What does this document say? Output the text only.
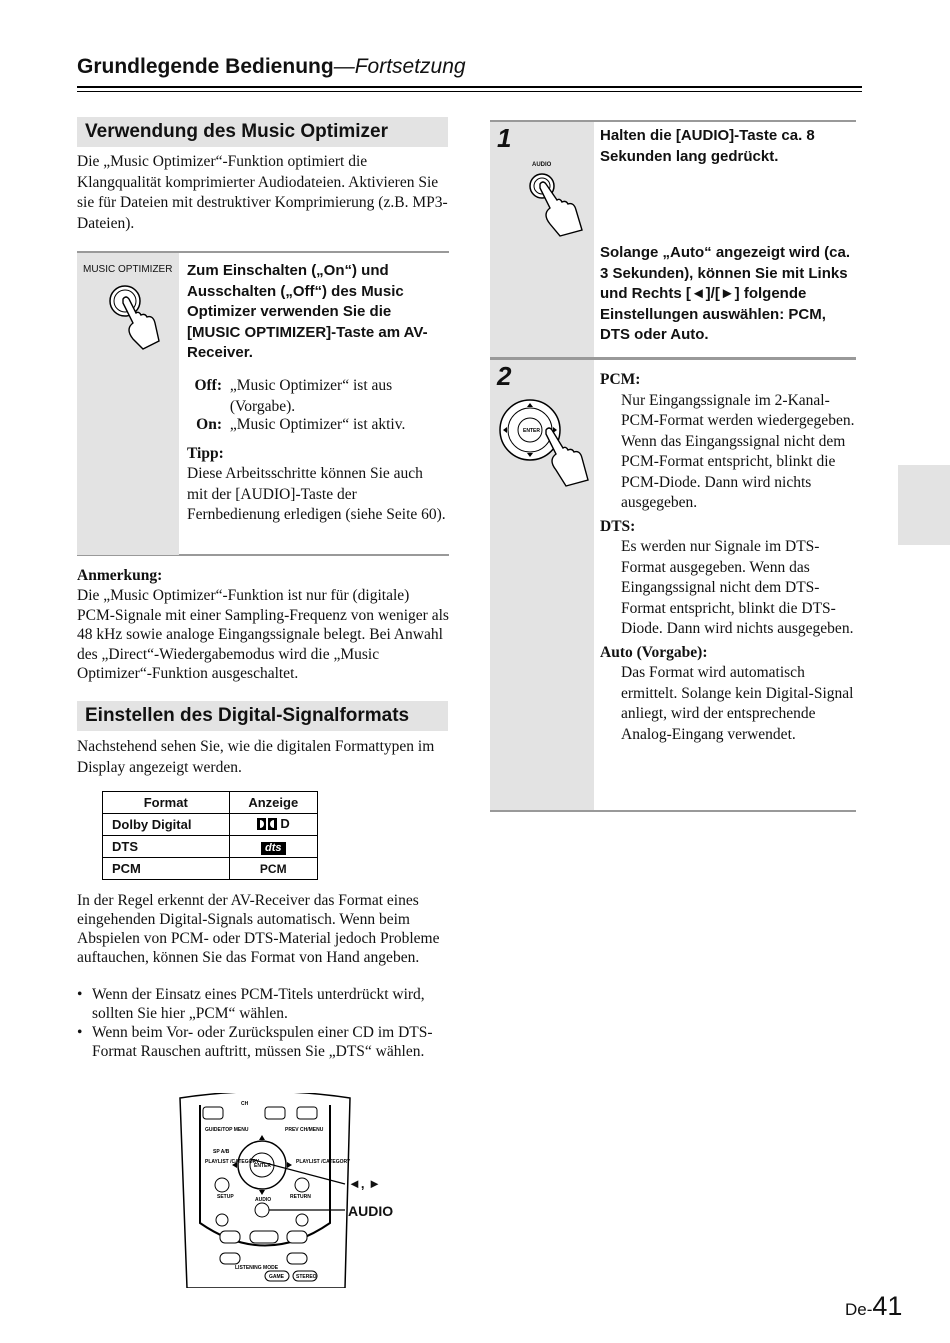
Grundlegende Bedienung—Fortsetzung
Verwendung des Music Optimizer
Die „Music Optimizer“-Funktion optimiert die Klangqualität komprimierter Audiodateien. Aktivieren Sie sie für Dateien mit destruktiver Komprimierung (z.B. MP3- Dateien).
MUSIC OPTIMIZER Zum Einschalten („On“) und Ausschalten („Off“) des Music Optimizer verwenden Sie die [MUSIC OPTIMIZER]-Taste am AV-Receiver.
Off: „Music Optimizer“ ist aus (Vorgabe).
On: „Music Optimizer“ ist aktiv.
Tipp:
Diese Arbeitsschritte können Sie auch mit der [AUDIO]-Taste der Fernbedienung erledigen (siehe Seite 60).
Anmerkung:
Die „Music Optimizer“-Funktion ist nur für (digitale) PCM-Signale mit einer Sampling-Frequenz von weniger als 48 kHz sowie analoge Eingangssignale belegt. Bei Anwahl des „Direct“-Wiedergabemodus wird die „Music Optimizer“-Funktion ausgeschaltet.
Einstellen des Digital-Signalformats
Nachstehend sehen Sie, wie die digitalen Formattypen im Display angezeigt werden.
Format	Anzeige
Dolby Digital	D
DTS	dts
PCM	PCM
In der Regel erkennt der AV-Receiver das Format eines eingehenden Digital-Signals automatisch. Wenn beim Abspielen von PCM- oder DTS-Material jedoch Probleme auftauchen, können Sie das Format von Hand angeben.
• Wenn der Einsatz eines PCM-Titels unterdrückt wird, sollten Sie hier „PCM“ wählen.
• Wenn beim Vor- oder Zurückspulen einer CD im DTS-Format Rauschen auftritt, müssen Sie „DTS“ wählen.
CH
GUIDE/TOP MENU	PREV CH/MENU
SP A/B
PLAYLIST /CATEGORY
ENTER
PLAYLIST /CATEGORY
SETUP	AUDIO	RETURN
LISTENING MODE
GAME STEREO
◄, ►
AUDIO
1
AUDIO
Halten die [AUDIO]-Taste ca. 8 Sekunden lang gedrückt.
2
ENTER
Solange „Auto“ angezeigt wird (ca. 3 Sekunden), können Sie mit Links und Rechts [◄]/[►] folgende Einstellungen auswählen: PCM, DTS oder Auto.
PCM:
Nur Eingangssignale im 2-Kanal-PCM-Format werden wiedergegeben. Wenn das Eingangssignal nicht dem PCM-Format entspricht, blinkt die PCM-Diode. Dann wird nichts ausgegeben.
DTS:
Es werden nur Signale im DTS-Format ausgegeben. Wenn das Eingangssignal nicht dem DTS-Format entspricht, blinkt die DTS-Diode. Dann wird nichts ausgegeben.
Auto (Vorgabe):
Das Format wird automatisch ermittelt. Solange kein Digital-Signal anliegt, wird der entsprechende Analog-Eingang verwendet.
De-41
